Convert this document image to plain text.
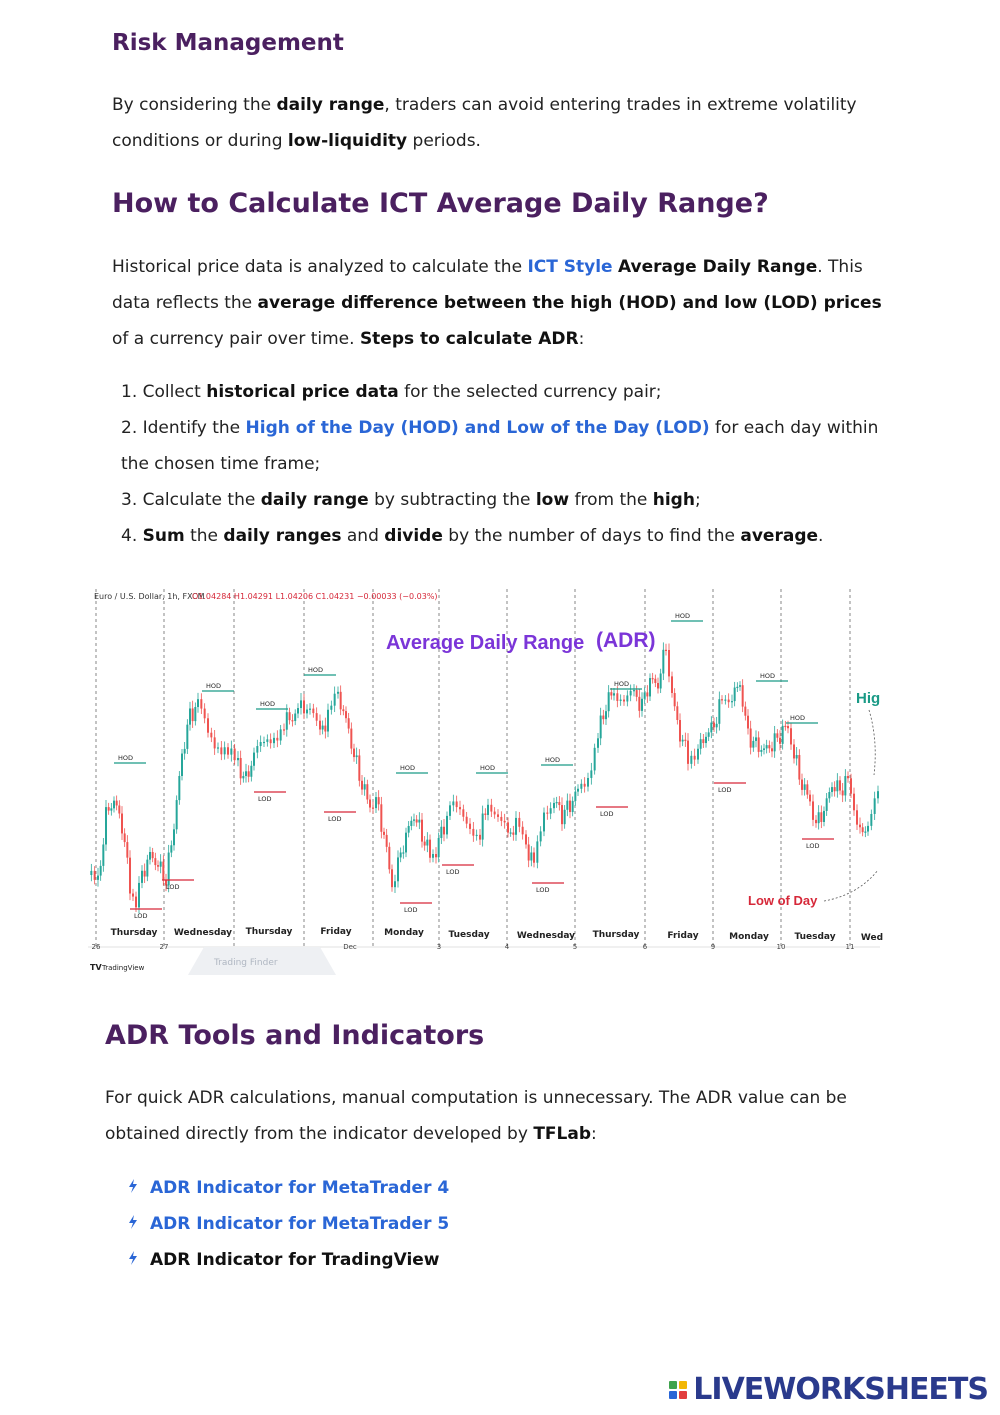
Risk Management

By considering the daily range, traders can avoid entering trades in extreme volatility conditions or during low-liquidity periods.

How to Calculate ICT Average Daily Range?

Historical price data is analyzed to calculate the ICT Style Average Daily Range. This data reflects the average difference between the high (HOD) and low (LOD) prices of a currency pair over time. Steps to calculate ADR:

1. Collect historical price data for the selected currency pair;
2. Identify the High of the Day (HOD) and Low of the Day (LOD) for each day within the chosen time frame;
3. Calculate the daily range by subtracting the low from the high;
4. Sum the daily ranges and divide by the number of days to find the average.
HOD
HOD
HOD
HOD
HOD	HOD
HOD
HOD
HOD
HOD
HOD
LOD
LOD
LOD
LOD
LOD
LOD
LOD
LOD
LOD
LOD
Euro / U.S. Dollar, 1h, FXCM
O1.04284 H1.04291 L1.04206 C1.04231 −0.00033 (−0.03%)
Average Daily Range (ADR)
Hig
Low of Day
Thursday Wednesday Thursday	Friday	Monday	Tuesday	Wednesday Thursday	Friday	Monday	Tuesday	Wed
26	27	Dec	3	4	5	6	9	10	11
Trading Finder
TradingView
TV
ADR Tools and Indicators

For quick ADR calculations, manual computation is unnecessary. The ADR value can be obtained directly from the indicator developed by TFLab:

ADR Indicator for MetaTrader 4
ADR Indicator for MetaTrader 5
ADR Indicator for TradingView
LIVEWORKSHEETS
